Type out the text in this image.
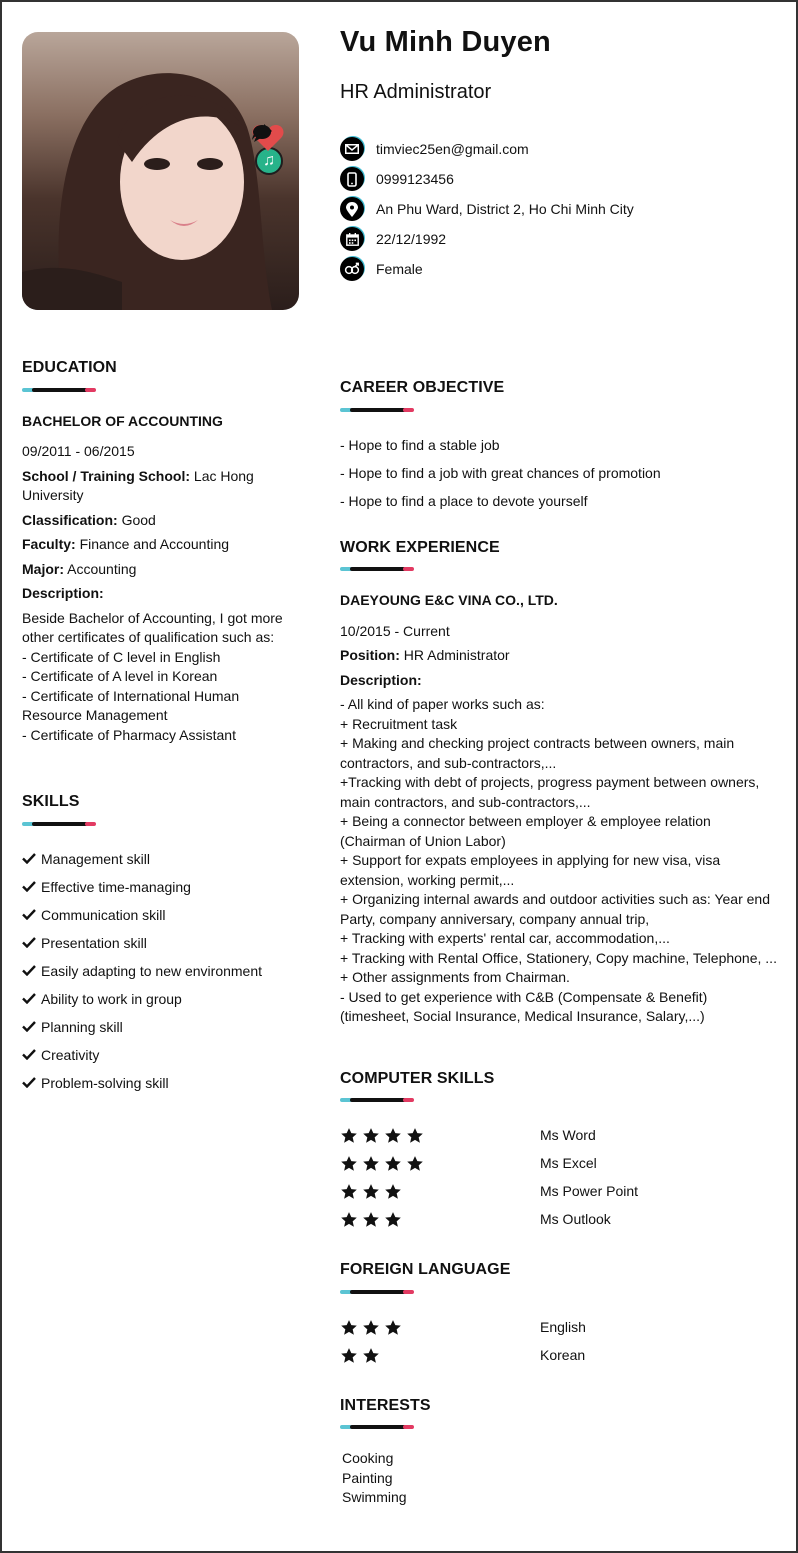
♫
Vu Minh Duyen
HR Administrator
timviec25en@gmail.com
0999123456
An Phu Ward, District 2, Ho Chi Minh City
22/12/1992
Female
EDUCATION
BACHELOR OF ACCOUNTING
09/2011 - 06/2015
School / Training School: Lac Hong University
Classification: Good
Faculty: Finance and Accounting
Major: Accounting
Description:
Beside Bachelor of Accounting, I got more other certificates of qualification such as:
- Certificate of C level in English
- Certificate of A level in Korean
- Certificate of International Human Resource Management
- Certificate of Pharmacy Assistant
SKILLS
Management skill
Effective time-managing
Communication skill
Presentation skill
Easily adapting to new environment
Ability to work in group
Planning skill
Creativity
Problem-solving skill
CAREER OBJECTIVE
- Hope to find a stable job
- Hope to find a job with great chances of promotion
- Hope to find a place to devote yourself
WORK EXPERIENCE
DAEYOUNG E&C VINA CO., LTD.
10/2015 - Current
Position: HR Administrator
Description:
- All kind of paper works such as:
+ Recruitment task
+ Making and checking project contracts between owners, main contractors, and sub-contractors,...
+Tracking with debt of projects, progress payment between owners, main contractors, and sub-contractors,...
+ Being a connector between employer & employee relation (Chairman of Union Labor)
+ Support for expats employees in applying for new visa, visa extension, working permit,...
+ Organizing internal awards and outdoor activities such as: Year end Party, company anniversary, company annual trip,
+ Tracking with experts' rental car, accommodation,...
+ Tracking with Rental Office, Stationery, Copy machine, Telephone, ...
+ Other assignments from Chairman.
- Used to get experience with C&B (Compensate & Benefit) (timesheet, Social Insurance, Medical Insurance, Salary,...)
COMPUTER SKILLS
Ms Word
Ms Excel
Ms Power Point
Ms Outlook
FOREIGN LANGUAGE
English
Korean
INTERESTS
Cooking
Painting
Swimming
